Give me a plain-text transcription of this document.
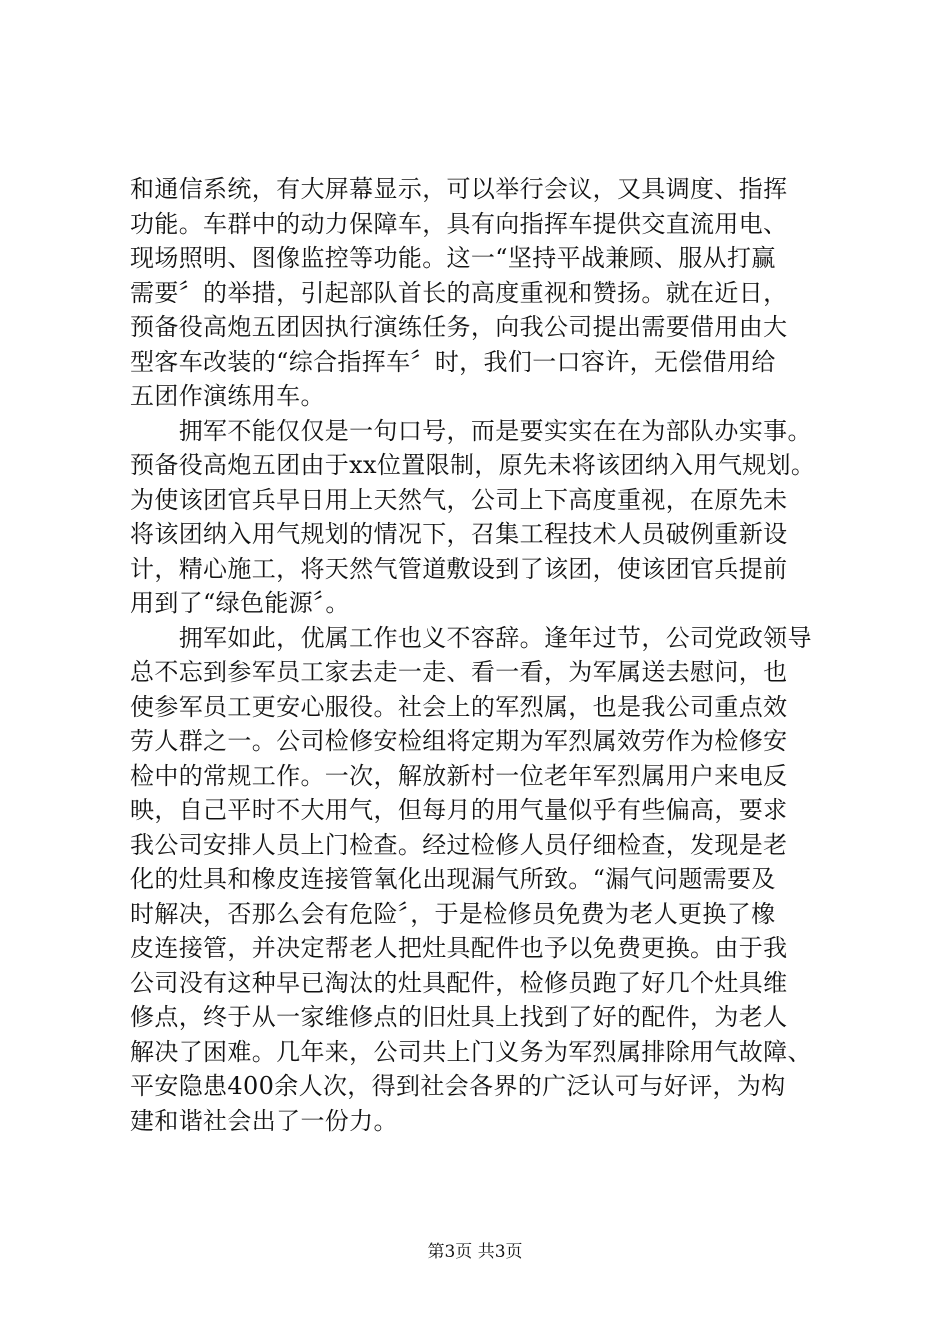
和通信系统，有大屏幕显示，可以举行会议，又具调度、指挥
功能。车群中的动力保障车，具有向指挥车提供交直流用电、
现场照明、图像监控等功能。这一“坚持平战兼顾、服从打赢
需要〞的举措，引起部队首长的高度重视和赞扬。就在近日，
预备役高炮五团因执行演练任务，向我公司提出需要借用由大
型客车改装的“综合指挥车〞时，我们一口容许，无偿借用给
五团作演练用车。
　　拥军不能仅仅是一句口号，而是要实实在在为部队办实事。
预备役高炮五团由于xx位置限制，原先未将该团纳入用气规划。
为使该团官兵早日用上天然气，公司上下高度重视，在原先未
将该团纳入用气规划的情况下，召集工程技术人员破例重新设
计，精心施工，将天然气管道敷设到了该团，使该团官兵提前
用到了“绿色能源〞。
　　拥军如此，优属工作也义不容辞。逢年过节，公司党政领导
总不忘到参军员工家去走一走、看一看，为军属送去慰问，也
使参军员工更安心服役。社会上的军烈属，也是我公司重点效
劳人群之一。公司检修安检组将定期为军烈属效劳作为检修安
检中的常规工作。一次，解放新村一位老年军烈属用户来电反
映，自己平时不大用气，但每月的用气量似乎有些偏高，要求
我公司安排人员上门检查。经过检修人员仔细检查，发现是老
化的灶具和橡皮连接管氧化出现漏气所致。“漏气问题需要及
时解决，否那么会有危险〞，于是检修员免费为老人更换了橡
皮连接管，并决定帮老人把灶具配件也予以免费更换。由于我
公司没有这种早已淘汰的灶具配件，检修员跑了好几个灶具维
修点，终于从一家维修点的旧灶具上找到了好的配件，为老人
解决了困难。几年来，公司共上门义务为军烈属排除用气故障、
平安隐患400余人次，得到社会各界的广泛认可与好评，为构
建和谐社会出了一份力。
第3页 共3页
